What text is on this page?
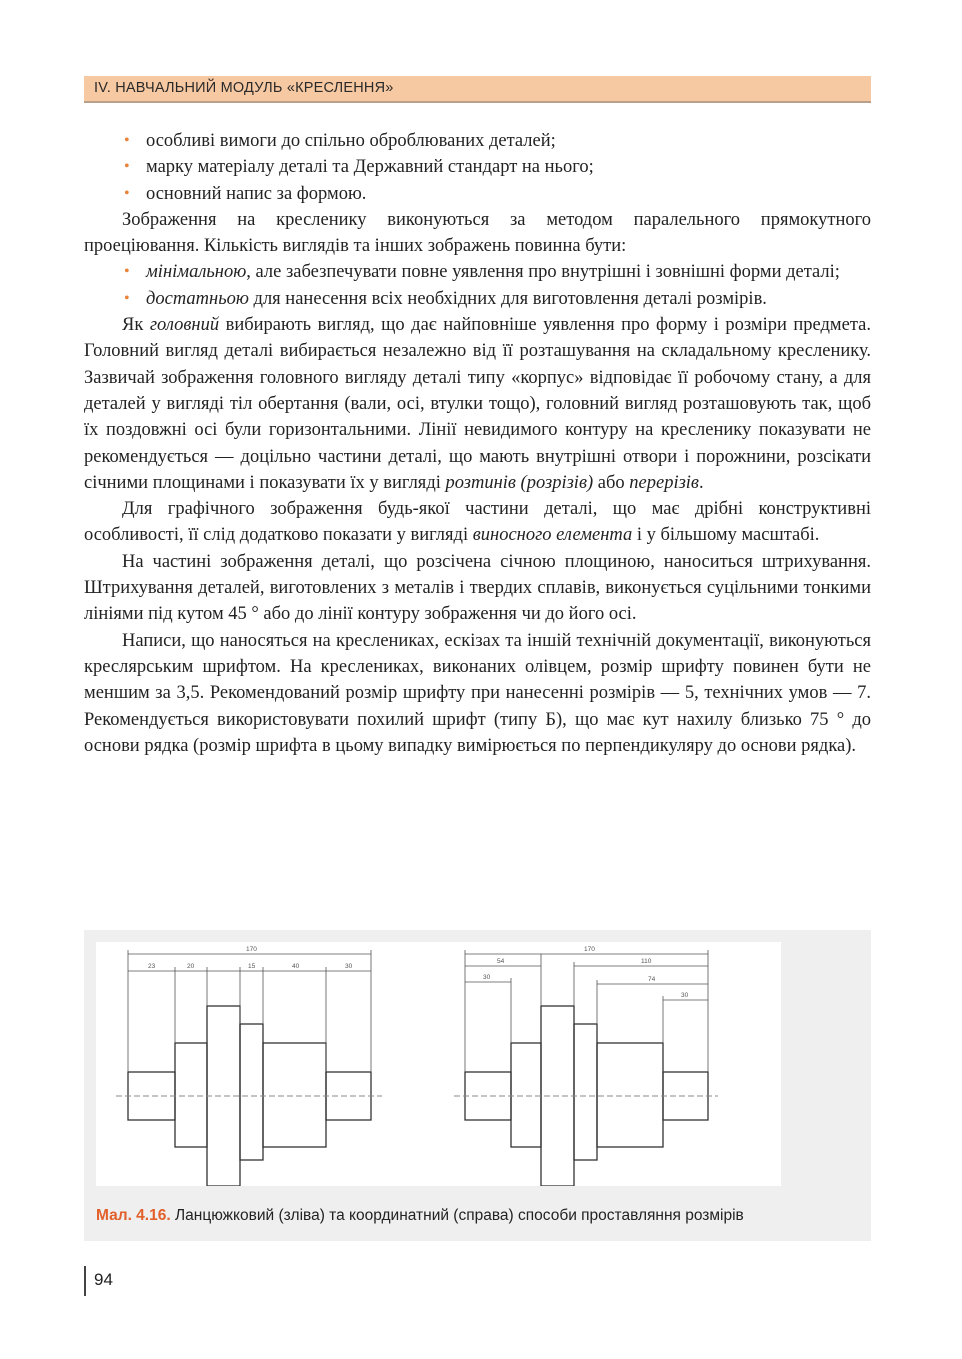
IV. НАВЧАЛЬНИЙ МОДУЛЬ «КРЕСЛЕННЯ»
• особливі вимоги до спільно оброблюваних деталей;
• марку матеріалу деталі та Державний стандарт на нього;
• основний напис за формою.

Зображення на кресленику виконуються за методом паралельного прямокутного проеціювання. Кількість виглядів та інших зображень повинна бути:

• мінімальною, але забезпечувати повне уявлення про внутрішні і зовнішні форми деталі;
• достатньою для нанесення всіх необхідних для виготовлення деталі розмірів.

Як головний вибирають вигляд, що дає найповніше уявлення про форму і розміри предмета. Головний вигляд деталі вибирається незалежно від її розташування на складальному кресленику. Зазвичай зображення головного вигляду деталі типу «корпус» відповідає її робочому стану, а для деталей у вигляді тіл обертання (вали, осі, втулки тощо), головний вигляд розташовують так, щоб їх поздовжні осі були горизонтальними. Лінії невидимого контуру на кресленику показувати не рекомендується — доцільно частини деталі, що мають внутрішні отвори і порожнини, розсікати січними площинами і показувати їх у вигляді розтинів (розрізів) або перерізів.

Для графічного зображення будь-якої частини деталі, що має дрібні конструктивні особливості, її слід додатково показати у вигляді виносного елемента і у більшому масштабі.

На частині зображення деталі, що розсічена січною площиною, наноситься штрихування. Штрихування деталей, виготовлених з металів і твердих сплавів, виконується суцільними тонкими лініями під кутом 45 ° або до лінії контуру зображення чи до його осі.

Написи, що наносяться на креслениках, ескізах та іншій технічній документації, виконуються креслярським шрифтом. На креслениках, виконаних олівцем, розмір шрифту повинен бути не меншим за 3,5. Рекомендований розмір шрифту при нанесенні розмірів — 5, технічних умов — 7. Рекомендується використовувати похилий шрифт (типу Б), що має кут нахилу близько 75 ° до основи рядка (розмір шрифта в цьому випадку вимірюється по перпендикуляру до основи рядка).

170
23	20	15	40	30
170
54
30
110
74
30
Мал. 4.16. Ланцюжковий (зліва) та координатний (справа) способи проставляння розмірів
94
